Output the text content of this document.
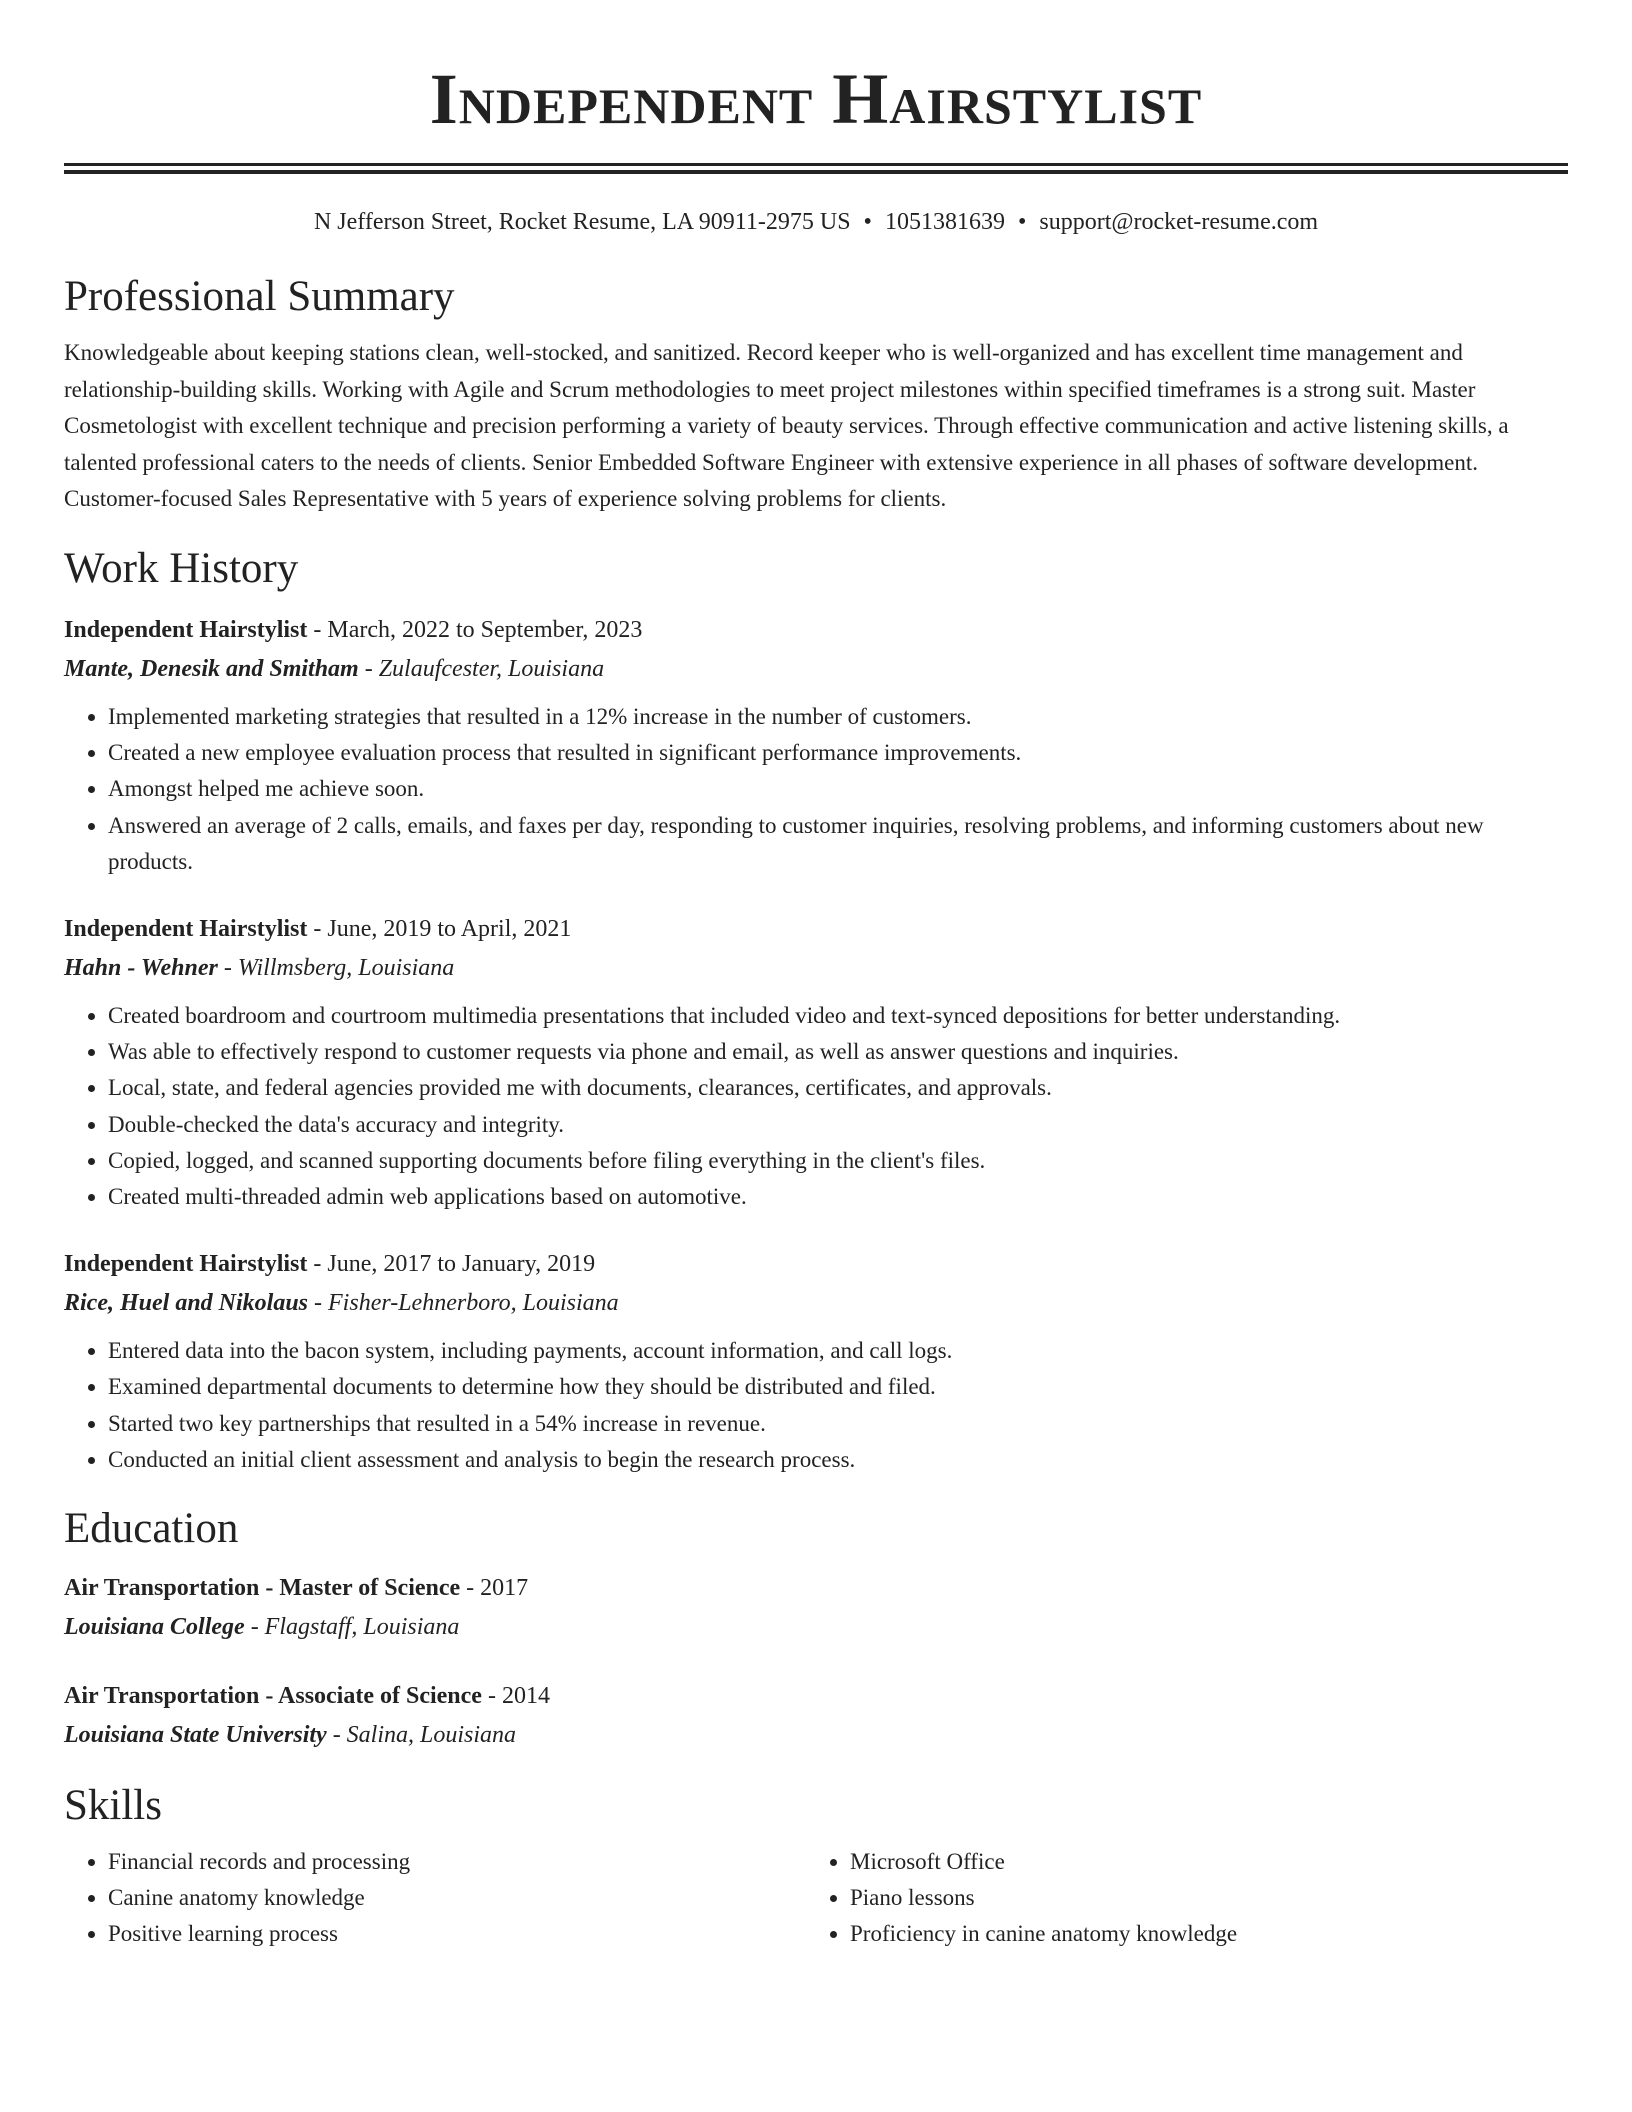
Independent Hairstylist
N Jefferson Street, Rocket Resume, LA 90911-2975 US • 1051381639 • support@rocket-resume.com
Professional Summary
Knowledgeable about keeping stations clean, well-stocked, and sanitized. Record keeper who is well-organized and has excellent time management and relationship-building skills. Working with Agile and Scrum methodologies to meet project milestones within specified timeframes is a strong suit. Master Cosmetologist with excellent technique and precision performing a variety of beauty services. Through effective communication and active listening skills, a talented professional caters to the needs of clients. Senior Embedded Software Engineer with extensive experience in all phases of software development. Customer-focused Sales Representative with 5 years of experience solving problems for clients.
Work History
Independent Hairstylist - March, 2022 to September, 2023
Mante, Denesik and Smitham - Zulaufcester, Louisiana
• Implemented marketing strategies that resulted in a 12% increase in the number of customers.
• Created a new employee evaluation process that resulted in significant performance improvements.
• Amongst helped me achieve soon.
• Answered an average of 2 calls, emails, and faxes per day, responding to customer inquiries, resolving problems, and informing customers about new products.
Independent Hairstylist - June, 2019 to April, 2021
Hahn - Wehner - Willmsberg, Louisiana
• Created boardroom and courtroom multimedia presentations that included video and text-synced depositions for better understanding.
• Was able to effectively respond to customer requests via phone and email, as well as answer questions and inquiries.
• Local, state, and federal agencies provided me with documents, clearances, certificates, and approvals.
• Double-checked the data's accuracy and integrity.
• Copied, logged, and scanned supporting documents before filing everything in the client's files.
• Created multi-threaded admin web applications based on automotive.
Independent Hairstylist - June, 2017 to January, 2019
Rice, Huel and Nikolaus - Fisher-Lehnerboro, Louisiana
• Entered data into the bacon system, including payments, account information, and call logs.
• Examined departmental documents to determine how they should be distributed and filed.
• Started two key partnerships that resulted in a 54% increase in revenue.
• Conducted an initial client assessment and analysis to begin the research process.
Education
Air Transportation - Master of Science - 2017
Louisiana College - Flagstaff, Louisiana
Air Transportation - Associate of Science - 2014
Louisiana State University - Salina, Louisiana
Skills
• Financial records and processing
• Canine anatomy knowledge
• Positive learning process
• Microsoft Office
• Piano lessons
• Proficiency in canine anatomy knowledge
